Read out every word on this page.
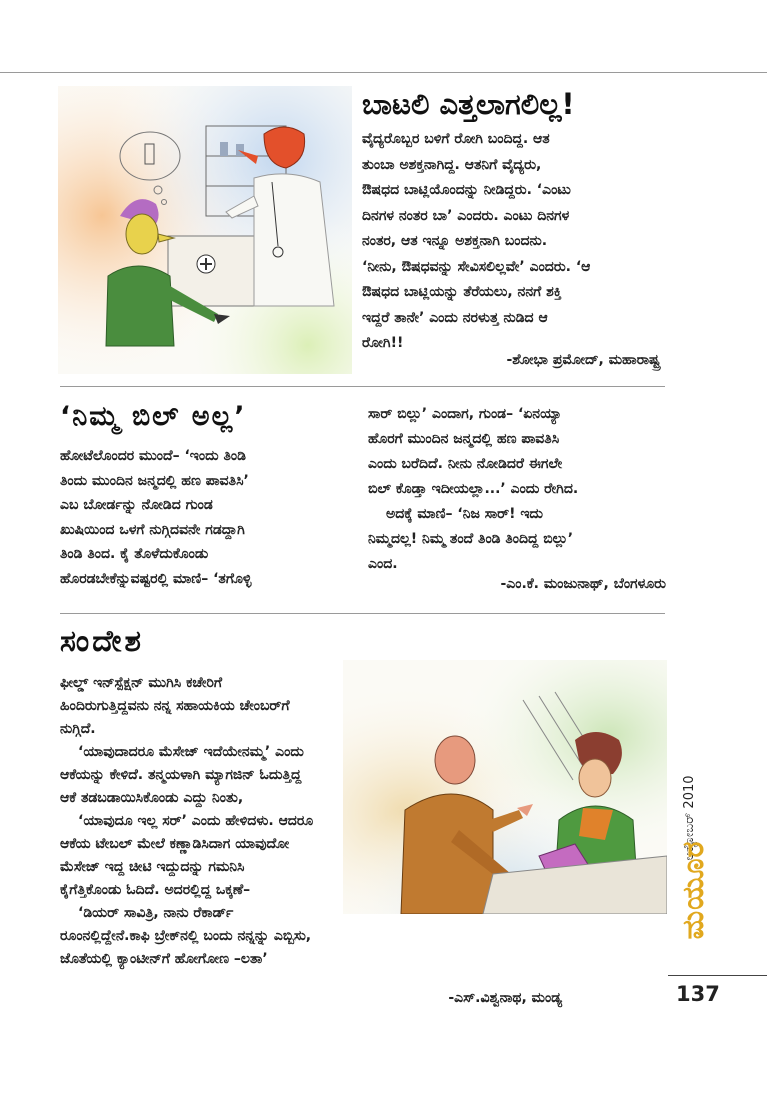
ಬಾಟಲಿ ಎತ್ತಲಾಗಲಿಲ್ಲ!

ವೈದ್ಯರೊಬ್ಬರ ಬಳಿಗೆ ರೋಗಿ ಬಂದಿದ್ದ. ಆತ

ತುಂಬಾ ಅಶಕ್ತನಾಗಿದ್ದ. ಆತನಿಗೆ ವೈದ್ಯರು,

ಔಷಧದ ಬಾಟ್ಲಿಯೊಂದನ್ನು ನೀಡಿದ್ದರು. ‘ಎಂಟು

ದಿನಗಳ ನಂತರ ಬಾ’ ಎಂದರು. ಎಂಟು ದಿನಗಳ

ನಂತರ, ಆತ ಇನ್ನೂ ಅಶಕ್ತನಾಗಿ ಬಂದನು.

‘ನೀನು, ಔಷಧವನ್ನು ಸೇವಿಸಲಿಲ್ಲವೇ’ ಎಂದರು. ‘ಆ

ಔಷಧದ ಬಾಟ್ಲಿಯನ್ನು ತೆರೆಯಲು, ನನಗೆ ಶಕ್ತಿ

ಇದ್ದರೆ ತಾನೇ’ ಎಂದು ನರಳುತ್ತ ನುಡಿದ ಆ

ರೋಗಿ!!

-ಶೋಭಾ ಪ್ರಮೋದ್, ಮಹಾರಾಷ್ಟ್ರ
‘ನಿಮ್ಮ ಬಿಲ್ ಅಲ್ಲ’

ಹೋಟೆಲೊಂದರ ಮುಂದೆ– ‘ಇಂದು ತಿಂಡಿ

ತಿಂದು ಮುಂದಿನ ಜನ್ಮದಲ್ಲಿ ಹಣ ಪಾವತಿಸಿ’

ಎಬ ಬೋರ್ಡನ್ನು ನೋಡಿದ ಗುಂಡ

ಖುಷಿಯಿಂದ ಒಳಗೆ ನುಗ್ಗಿದವನೇ ಗಡದ್ದಾಗಿ

ತಿಂಡಿ ತಿಂದ. ಕೈ ತೊಳೆದುಕೊಂಡು

ಹೊರಡಬೇಕೆನ್ನುವಷ್ಟರಲ್ಲಿ ಮಾಣಿ– ‘ತಗೊಳ್ಳಿ

ಸಾರ್ ಬಿಲ್ಲು’ ಎಂದಾಗ, ಗುಂಡ– ‘ಏನಯ್ಯಾ

ಹೊರಗೆ ಮುಂದಿನ ಜನ್ಮದಲ್ಲಿ ಹಣ ಪಾವತಿಸಿ

ಎಂದು ಬರೆದಿದೆ. ನೀನು ನೋಡಿದರೆ ಈಗಲೇ

ಬಿಲ್ ಕೊಡ್ತಾ ಇದೀಯಲ್ಲಾ...’ ಎಂದು ರೇಗಿದ.

ಅದಕ್ಕೆ ಮಾಣಿ– ‘ನಿಜ ಸಾರ್! ಇದು

ನಿಮ್ಮದಲ್ಲ! ನಿಮ್ಮ ತಂದೆ ತಿಂಡಿ ತಿಂದಿದ್ದ ಬಿಲ್ಲು’

ಎಂದ.

-ಎಂ.ಕೆ. ಮಂಜುನಾಥ್, ಬೆಂಗಳೂರು
ಸಂದೇಶ

ಫೀಲ್ಡ್ ಇನ್‌ಸ್ಪೆಕ್ಷನ್ ಮುಗಿಸಿ ಕಚೇರಿಗೆ

ಹಿಂದಿರುಗುತ್ತಿದ್ದವನು ನನ್ನ ಸಹಾಯಕಿಯ ಚೇಂಬರ್‌ಗೆ

ನುಗ್ಗಿದೆ.

‘ಯಾವುದಾದರೂ ಮೆಸೇಜ್ ಇದೆಯೇನಮ್ಮ’ ಎಂದು

ಆಕೆಯನ್ನು ಕೇಳಿದೆ. ತನ್ಮಯಳಾಗಿ ಮ್ಯಾಗಜಿನ್ ಓದುತ್ತಿದ್ದ

ಆಕೆ ತಡಬಡಾಯಿಸಿಕೊಂಡು ಎದ್ದು ನಿಂತು,

‘ಯಾವುದೂ ಇಲ್ಲ ಸರ್’ ಎಂದು ಹೇಳಿದಳು. ಆದರೂ

ಆಕೆಯ ಟೇಬಲ್ ಮೇಲೆ ಕಣ್ಣಾಡಿಸಿದಾಗ ಯಾವುದೋ

ಮೆಸೇಜ್ ಇದ್ದ ಚೀಟಿ ಇದ್ದುದನ್ನು ಗಮನಿಸಿ

ಕೈಗೆತ್ತಿಕೊಂಡು ಓದಿದೆ. ಅದರಲ್ಲಿದ್ದ ಒಕ್ಕಣೆ–

‘ಡಿಯರ್ ಸಾವಿತ್ರಿ, ನಾನು ರೆಕಾರ್ಡ್

ರೂಂನಲ್ಲಿದ್ದೇನೆ.ಕಾಫಿ ಬ್ರೇಕ್‌ನಲ್ಲಿ ಬಂದು ನನ್ನನ್ನು ಎಬ್ಬಿಸು,

ಜೊತೆಯಲ್ಲಿ ಕ್ಯಾಂಟೀನ್‌ಗೆ ಹೋಗೋಣ –ಲತಾ’

-ಎಸ್.ವಿಶ್ವನಾಥ, ಮಂಡ್ಯ
ಅಕ್ಟೋಬರ್ 2010
ಮಯೂರ
137
